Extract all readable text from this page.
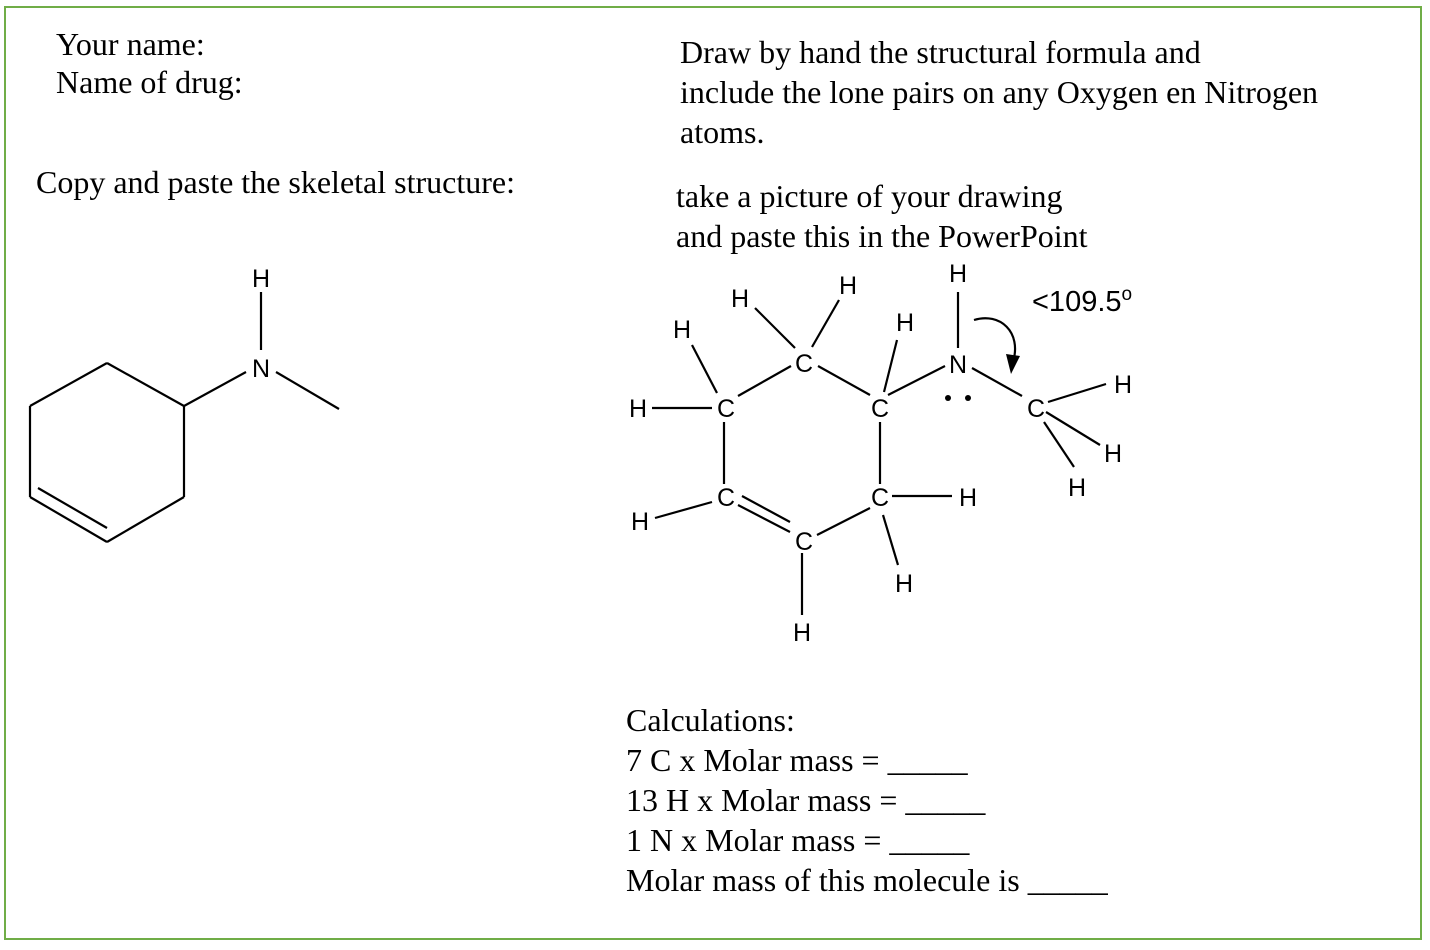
Your name:
Name of drug:
Draw by hand the structural formula and
include the lone pairs on any Oxygen en Nitrogen
atoms.
Copy and paste the skeletal structure:	take a picture of your drawing
and paste this in the PowerPoint
H
N
C
C
C
C
C
C
C
N
H
H
H	H
H
H
H
H
H
H
H
H
H
$<109.5^o$
Calculations:
7 C x Molar mass = _____
13 H x Molar mass = _____
1 N x Molar mass = _____
Molar mass of this molecule is _____
